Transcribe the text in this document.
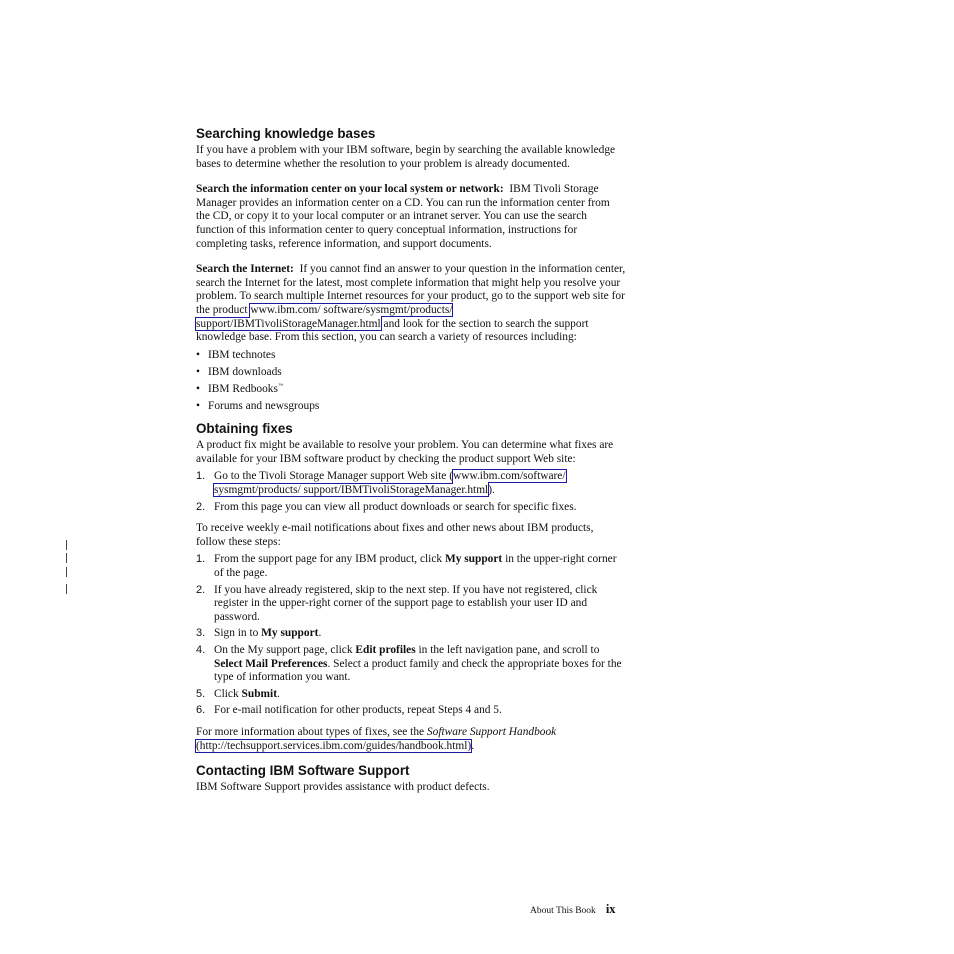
Searching knowledge bases

If you have a problem with your IBM software, begin by searching the available knowledge bases to determine whether the resolution to your problem is already documented.

Search the information center on your local system or network: IBM Tivoli Storage Manager provides an information center on a CD. You can run the information center from the CD, or copy it to your local computer or an intranet server. You can use the search function of this information center to query conceptual information, instructions for completing tasks, reference information, and support documents.

Search the Internet: If you cannot find an answer to your question in the information center, search the Internet for the latest, most complete information that might help you resolve your problem. To search multiple Internet resources for your product, go to the support web site for the product www.ibm.com/ software/sysmgmt/products/ support/IBMTivoliStorageManager.html and look for the section to search the support knowledge base. From this section, you can search a variety of resources including:

• IBM technotes
• IBM downloads
• IBM Redbooks™
• Forums and newsgroups
Obtaining fixes

A product fix might be available to resolve your problem. You can determine what fixes are available for your IBM software product by checking the product support Web site:

1. Go to the Tivoli Storage Manager support Web site (www.ibm.com/software/ sysmgmt/products/ support/IBMTivoliStorageManager.html).
2. From this page you can view all product downloads or search for specific fixes.

To receive weekly e-mail notifications about fixes and other news about IBM products, follow these steps:

1. From the support page for any IBM product, click My support in the upper-right corner of the page.
2. If you have already registered, skip to the next step. If you have not registered, click register in the upper-right corner of the support page to establish your user ID and password.
3. Sign in to My support.
4. On the My support page, click Edit profiles in the left navigation pane, and scroll to Select Mail Preferences. Select a product family and check the appropriate boxes for the type of information you want.
5. Click Submit.
6. For e-mail notification for other products, repeat Steps 4 and 5.

For more information about types of fixes, see the Software Support Handbook (http://techsupport.services.ibm.com/guides/handbook.html).

Contacting IBM Software Support

IBM Software Support provides assistance with product defects.

About This Book ix
